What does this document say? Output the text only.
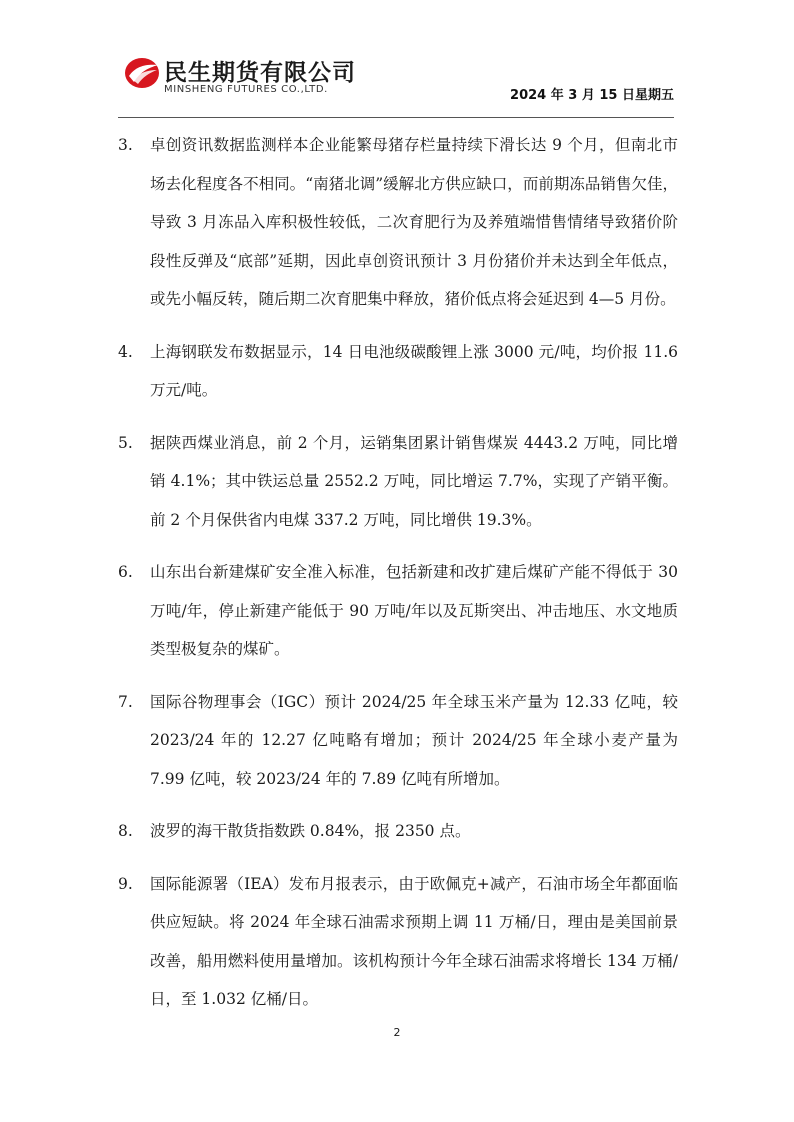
民生期货有限公司
MINSHENG FUTURES CO.,LTD.	2024 年 3 月 15 日星期五
3. 卓创资讯数据监测样本企业能繁母猪存栏量持续下滑长达 9 个月，但南北市场去化程度各不相同。“南猪北调”缓解北方供应缺口，而前期冻品销售欠佳，导致 3 月冻品入库积极性较低，二次育肥行为及养殖端惜售情绪导致猪价阶段性反弹及“底部”延期，因此卓创资讯预计 3 月份猪价并未达到全年低点，或先小幅反转，随后期二次育肥集中释放，猪价低点将会延迟到 4—5 月份。
4. 上海钢联发布数据显示，14 日电池级碳酸锂上涨 3000 元/吨，均价报 11.6 万元/吨。
5. 据陕西煤业消息，前 2 个月，运销集团累计销售煤炭 4443.2 万吨，同比增销 4.1%；其中铁运总量 2552.2 万吨，同比增运 7.7%，实现了产销平衡。前 2 个月保供省内电煤 337.2 万吨，同比增供 19.3%。
6. 山东出台新建煤矿安全准入标准，包括新建和改扩建后煤矿产能不得低于 30 万吨/年，停止新建产能低于 90 万吨/年以及瓦斯突出、冲击地压、水文地质类型极复杂的煤矿。
7. 国际谷物理事会（IGC）预计 2024/25 年全球玉米产量为 12.33 亿吨，较 2023/24 年的 12.27 亿吨略有增加；预计 2024/25 年全球小麦产量为 7.99 亿吨，较 2023/24 年的 7.89 亿吨有所增加。
8. 波罗的海干散货指数跌 0.84%，报 2350 点。
9. 国际能源署（IEA）发布月报表示，由于欧佩克+减产，石油市场全年都面临供应短缺。将 2024 年全球石油需求预期上调 11 万桶/日，理由是美国前景改善，船用燃料使用量增加。该机构预计今年全球石油需求将增长 134 万桶/日，至 1.032 亿桶/日。
2
